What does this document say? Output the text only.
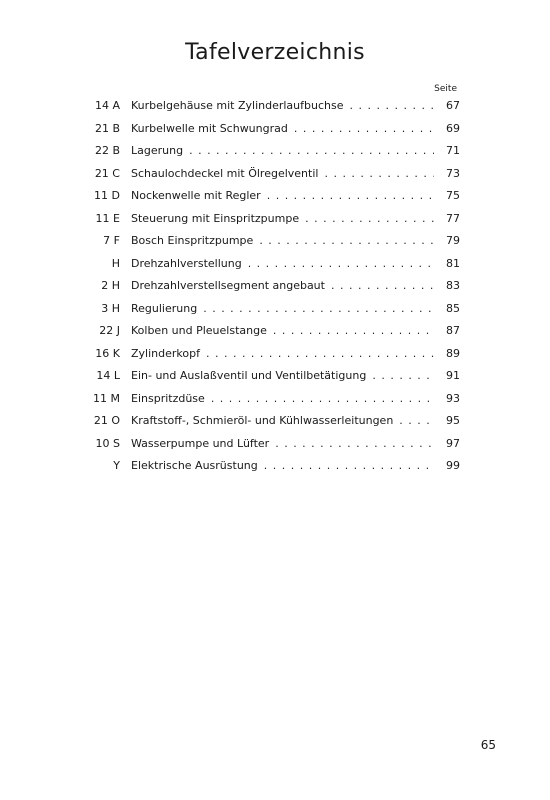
Tafelverzeichnis
Seite
14 A Kurbelgehäuse mit Zylinderlaufbuchse . . .	67
21 B Kurbelwelle mit Schwungrad . . .	69
22 B Lagerung . . .	71
21 C Schaulochdeckel mit Ölregelventil . . .	73
11 D Nockenwelle mit Regler . . .	75
11 E Steuerung mit Einspritzpumpe . . .	77
7 F Bosch Einspritzpumpe . . .	79
H Drehzahlverstellung . . .	81
2 H Drehzahlverstellsegment angebaut . . .	83
3 H Regulierung . . .	85
22 J Kolben und Pleuelstange . . .	87
16 K Zylinderkopf . . .	89
14 L Ein- und Auslaßventil und Ventilbetätigung . . .	91
11 M Einspritzdüse . . .	93
21 O Kraftstoff-, Schmieröl- und Kühlwasserleitungen . . .	95
10 S Wasserpumpe und Lüfter . . .	97
Y Elektrische Ausrüstung . . .	99
65
